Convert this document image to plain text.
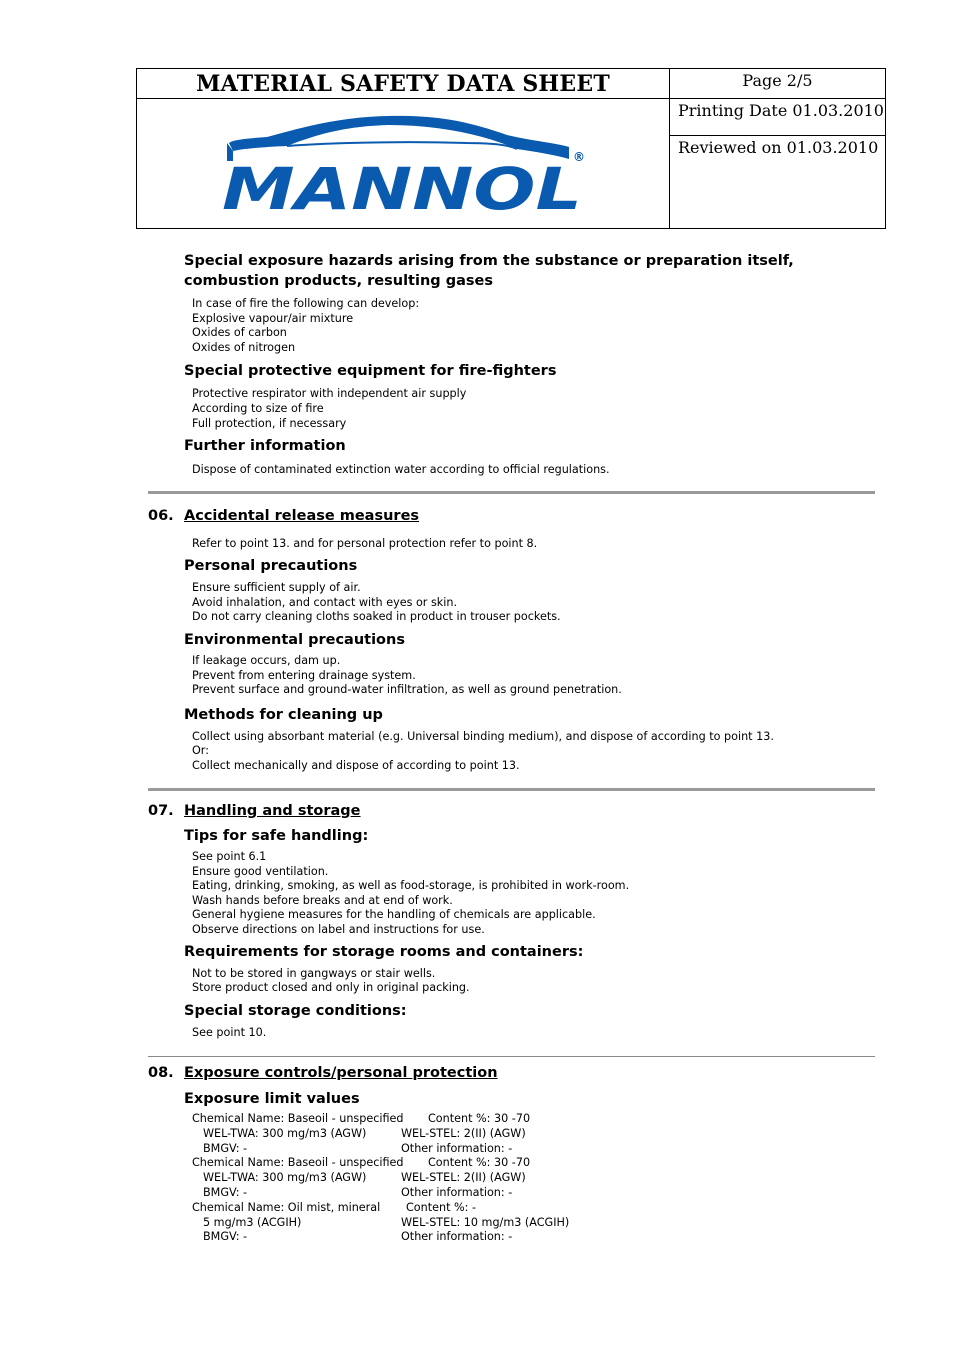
MATERIAL SAFETY DATA SHEET
MANNOL
®
Page 2/5
Printing Date 01.03.2010
Reviewed on 01.03.2010
Special exposure hazards arising from the substance or preparation itself,
combustion products, resulting gases
In case of fire the following can develop:
Explosive vapour/air mixture
Oxides of carbon
Oxides of nitrogen
Special protective equipment for fire-fighters
Protective respirator with independent air supply
According to size of fire
Full protection, if necessary
Further information
Dispose of contaminated extinction water according to official regulations.
06. Accidental release measures
Refer to point 13. and for personal protection refer to point 8.
Personal precautions
Ensure sufficient supply of air.
Avoid inhalation, and contact with eyes or skin.
Do not carry cleaning cloths soaked in product in trouser pockets.
Environmental precautions
If leakage occurs, dam up.
Prevent from entering drainage system.
Prevent surface and ground-water infiltration, as well as ground penetration.
Methods for cleaning up
Collect using absorbant material (e.g. Universal binding medium), and dispose of according to point 13.
Or:
Collect mechanically and dispose of according to point 13.
07. Handling and storage
Tips for safe handling:
See point 6.1
Ensure good ventilation.
Eating, drinking, smoking, as well as food-storage, is prohibited in work-room.
Wash hands before breaks and at end of work.
General hygiene measures for the handling of chemicals are applicable.
Observe directions on label and instructions for use.
Requirements for storage rooms and containers:
Not to be stored in gangways or stair wells.
Store product closed and only in original packing.
Special storage conditions:
See point 10.
08. Exposure controls/personal protection
Exposure limit values
Chemical Name: Baseoil - unspecified Content %: 30 -70
WEL-TWA: 300 mg/m3 (AGW)	WEL-STEL: 2(II) (AGW)
BMGV: -	Other information: -
Chemical Name: Baseoil - unspecified Content %: 30 -70
WEL-TWA: 300 mg/m3 (AGW)	WEL-STEL: 2(II) (AGW)
BMGV: -	Other information: -
Chemical Name: Oil mist, mineral Content %: -
5 mg/m3 (ACGIH)	WEL-STEL: 10 mg/m3 (ACGIH)
BMGV: -	Other information: -
